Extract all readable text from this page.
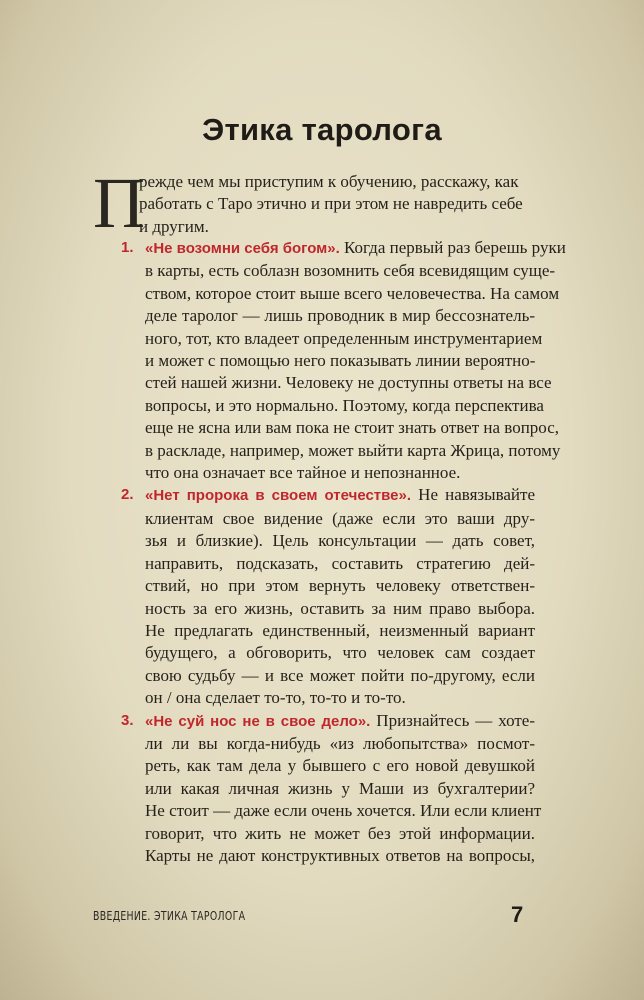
Этика таролога
П
режде чем мы приступим к обучению, расскажу, как
работать с Таро этично и при этом не навредить себе
и другим.
1. «Не возомни себя богом». Когда первый раз берешь руки
в карты, есть соблазн возомнить себя всевидящим суще-
ством, которое стоит выше всего человечества. На самом
деле таролог — лишь проводник в мир бессознатель-
ного, тот, кто владеет определенным инструментарием
и может с помощью него показывать линии вероятно-
стей нашей жизни. Человеку не доступны ответы на все
вопросы, и это нормально. Поэтому, когда перспектива
еще не ясна или вам пока не стоит знать ответ на вопрос,
в раскладе, например, может выйти карта Жрица, потому
что она означает все тайное и непознанное.
2. «Нет пророка в своем отечестве». Не навязывайте
клиентам свое видение (даже если это ваши дру-
зья и близкие). Цель консультации — дать совет,
направить, подсказать, составить стратегию дей-
ствий, но при этом вернуть человеку ответствен-
ность за его жизнь, оставить за ним право выбора.
Не предлагать единственный, неизменный вариант
будущего, а обговорить, что человек сам создает
свою судьбу — и все может пойти по-другому, если
он / она сделает то-то, то-то и то-то.
3. «Не суй нос не в свое дело». Признайтесь — хоте-
ли ли вы когда-нибудь «из любопытства» посмот-
реть, как там дела у бывшего с его новой девушкой
или какая личная жизнь у Маши из бухгалтерии?
Не стоит — даже если очень хочется. Или если клиент
говорит, что жить не может без этой информации.
Карты не дают конструктивных ответов на вопросы,
ВВЕДЕНИЕ. ЭТИКА ТАРОЛОГА	7
